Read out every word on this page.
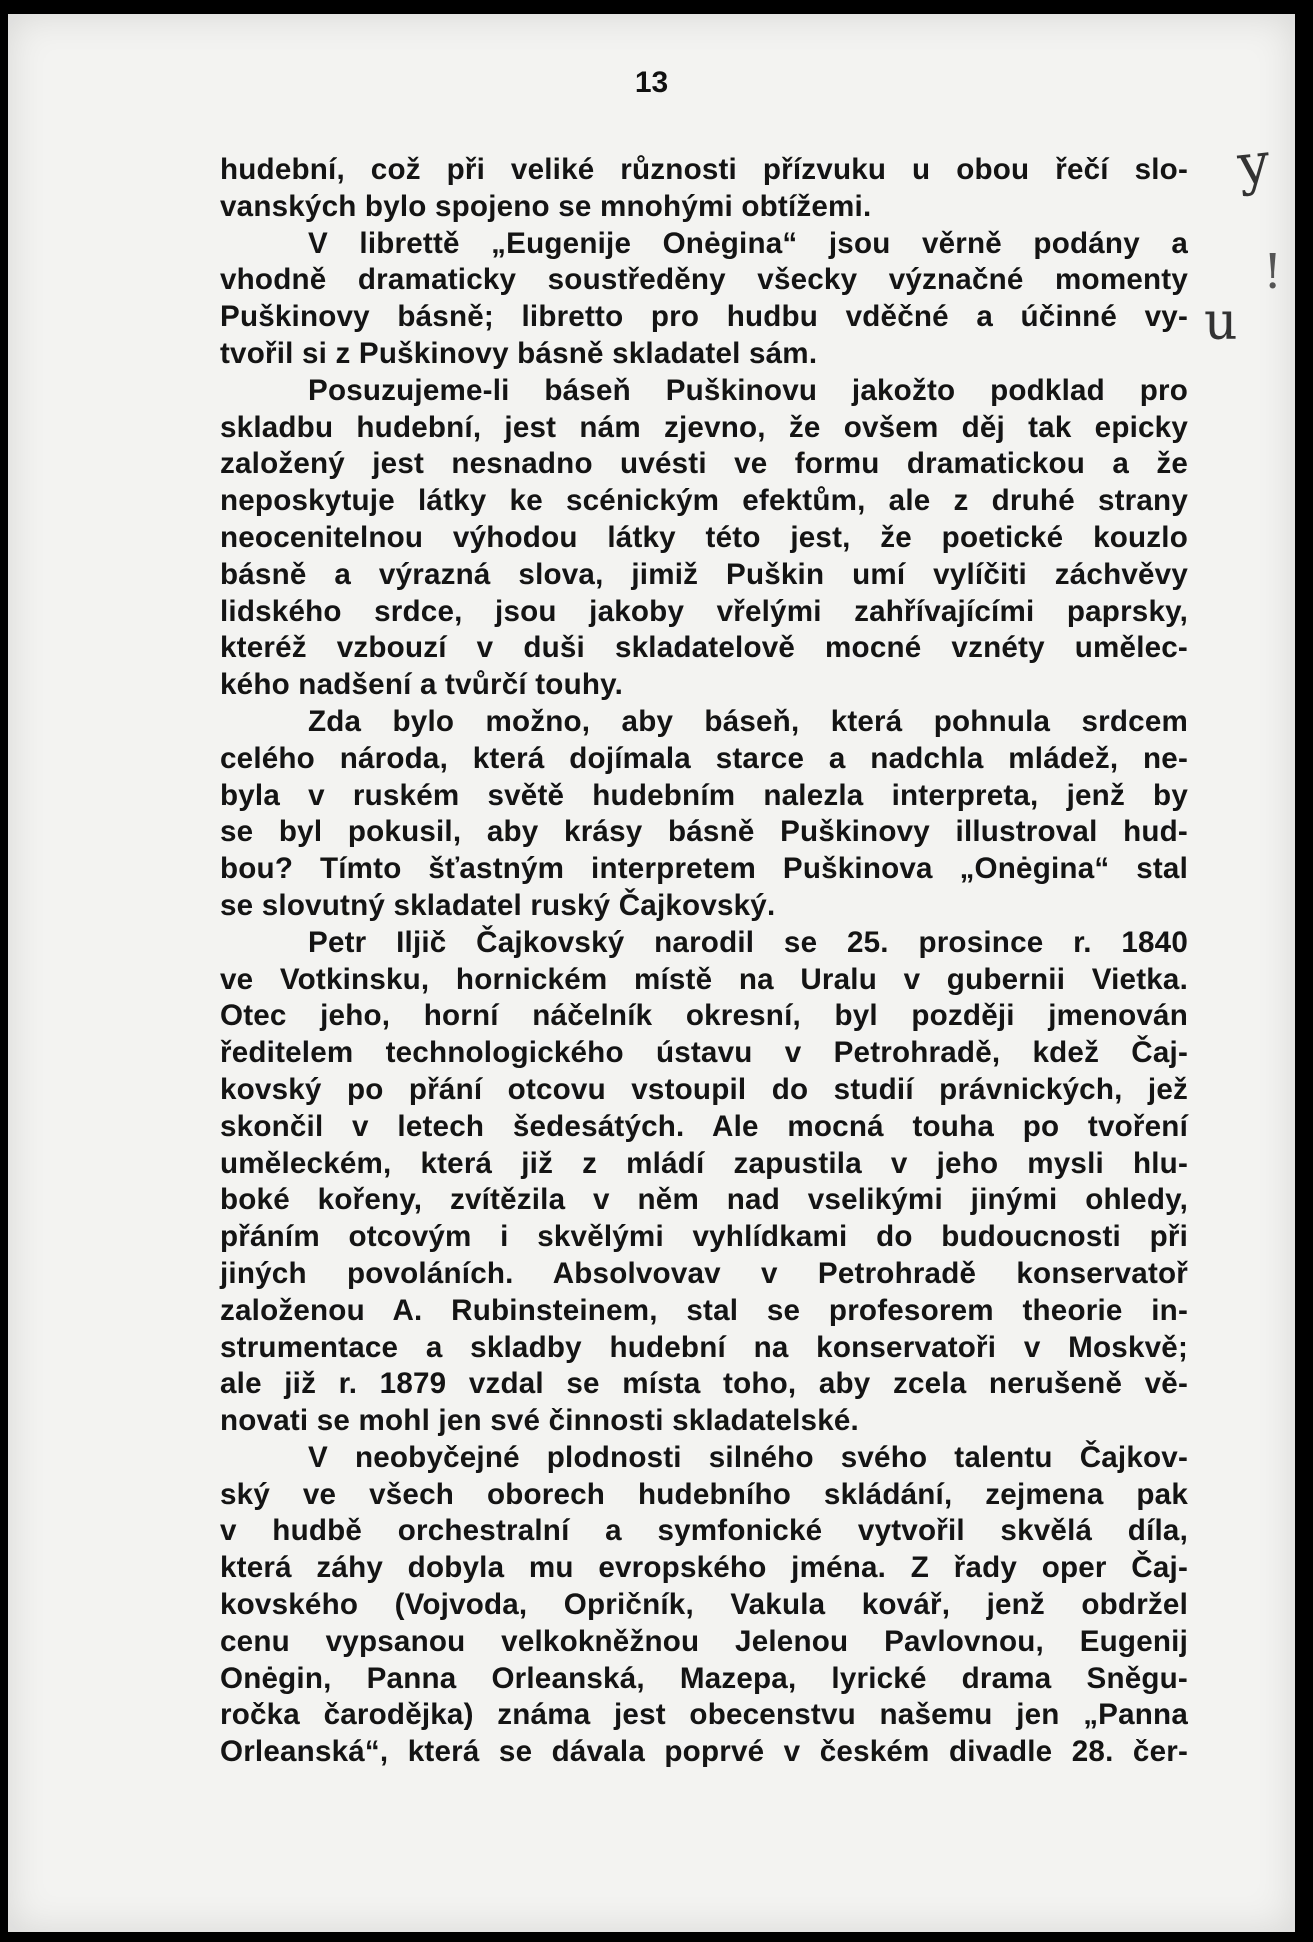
13
y
!
u
hudební, což při veliké různosti přízvuku u obou řečí slo-
vanských bylo spojeno se mnohými obtížemi.
V librettě „Eugenije Onėgina“ jsou věrně podány a
vhodně dramaticky soustředěny všecky význačné momenty
Puškinovy básně; libretto pro hudbu vděčné a účinné vy-
tvořil si z Puškinovy básně skladatel sám.
Posuzujeme-li báseň Puškinovu jakožto podklad pro
skladbu hudební, jest nám zjevno, že ovšem děj tak epicky
založený jest nesnadno uvésti ve formu dramatickou a že
neposkytuje látky ke scénickým efektům, ale z druhé strany
neocenitelnou výhodou látky této jest, že poetické kouzlo
básně a výrazná slova, jimiž Puškin umí vylíčiti záchvěvy
lidského srdce, jsou jakoby vřelými zahřívajícími paprsky,
kteréž vzbouzí v duši skladatelově mocné vznéty umělec-
kého nadšení a tvůrčí touhy.
Zda bylo možno, aby báseň, která pohnula srdcem
celého národa, která dojímala starce a nadchla mládež, ne-
byla v ruském světě hudebním nalezla interpreta, jenž by
se byl pokusil, aby krásy básně Puškinovy illustroval hud-
bou? Tímto šťastným interpretem Puškinova „Onėgina“ stal
se slovutný skladatel ruský Čajkovský.
Petr Iljič Čajkovský narodil se 25. prosince r. 1840
ve Votkinsku, hornickém místě na Uralu v gubernii Vietka.
Otec jeho, horní náčelník okresní, byl později jmenován
ředitelem technologického ústavu v Petrohradě, kdež Čaj-
kovský po přání otcovu vstoupil do studií právnických, jež
skončil v letech šedesátých. Ale mocná touha po tvoření
uměleckém, která již z mládí zapustila v jeho mysli hlu-
boké kořeny, zvítězila v něm nad vselikými jinými ohledy,
přáním otcovým i skvělými vyhlídkami do budoucnosti při
jiných povoláních. Absolvovav v Petrohradě konservatoř
založenou A. Rubinsteinem, stal se profesorem theorie in-
strumentace a skladby hudební na konservatoři v Moskvě;
ale již r. 1879 vzdal se místa toho, aby zcela nerušeně vě-
novati se mohl jen své činnosti skladatelské.
V neobyčejné plodnosti silného svého talentu Čajkov-
ský ve všech oborech hudebního skládání, zejmena pak
v hudbě orchestralní a symfonické vytvořil skvělá díla,
která záhy dobyla mu evropského jména. Z řady oper Čaj-
kovského (Vojvoda, Opričník, Vakula kovář, jenž obdržel
cenu vypsanou velkokněžnou Jelenou Pavlovnou, Eugenij
Onėgin, Panna Orleanská, Mazepa, lyrické drama Sněgu-
ročka čarodějka) známa jest obecenstvu našemu jen „Panna
Orleanská“, která se dávala poprvé v českém divadle 28. čer-
